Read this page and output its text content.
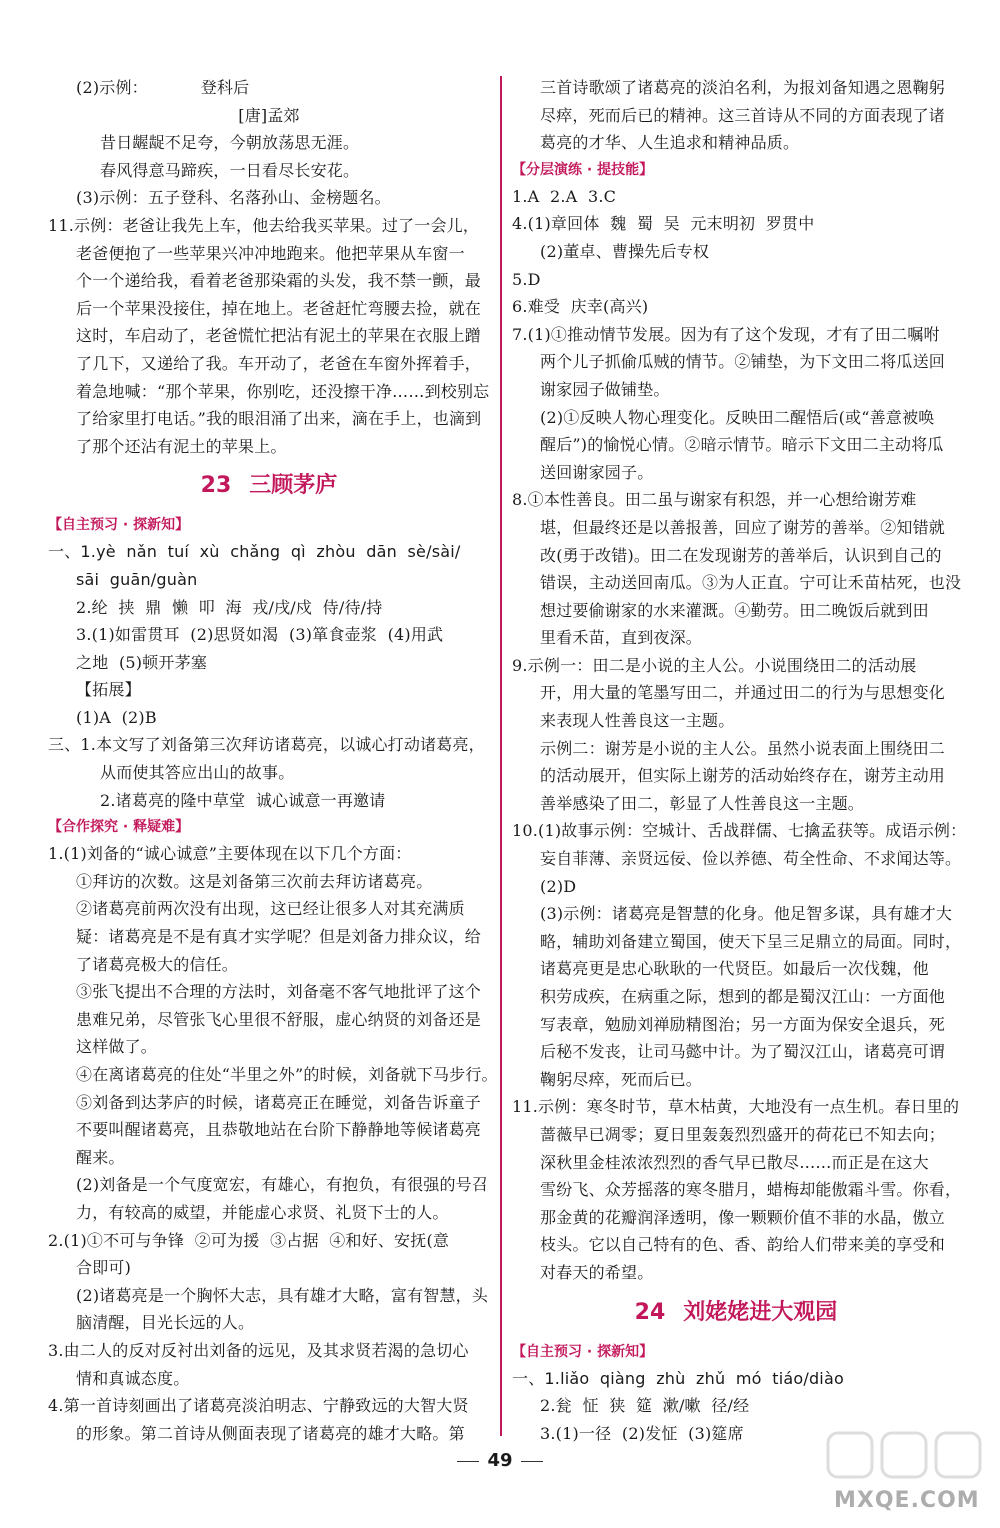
(2)示例：          登科后
[唐]孟郊
昔日龌龊不足夸，今朝放荡思无涯。
春风得意马蹄疾，一日看尽长安花。
(3)示例：五子登科、名落孙山、金榜题名。
11.示例：老爸让我先上车，他去给我买苹果。过了一会儿，
老爸便抱了一些苹果兴冲冲地跑来。他把苹果从车窗一
个一个递给我，看着老爸那染霜的头发，我不禁一颤，最
后一个苹果没接住，掉在地上。老爸赶忙弯腰去捡，就在
这时，车启动了，老爸慌忙把沾有泥土的苹果在衣服上蹭
了几下，又递给了我。车开动了，老爸在车窗外挥着手，
着急地喊：“那个苹果，你别吃，还没擦干净……到校别忘
了给家里打电话。”我的眼泪涌了出来，滴在手上，也滴到
了那个还沾有泥土的苹果上。
23 三顾茅庐
【自主预习 · 探新知】
一、1.yè  nǎn  tuí  xù  chǎng  qì  zhòu  dān  sè/sài/
sāi  guān/guàn
2.纶  挟  鼎  懒  叩  海  戎/戌/戍  侍/待/持
3.(1)如雷贯耳  (2)思贤如渴  (3)箪食壶浆  (4)用武
之地  (5)顿开茅塞
【拓展】
(1)A  (2)B
三、1.本文写了刘备第三次拜访诸葛亮，以诚心打动诸葛亮，
从而使其答应出山的故事。
2.诸葛亮的隆中草堂  诚心诚意一再邀请
【合作探究 · 释疑难】
1.(1)刘备的“诚心诚意”主要体现在以下几个方面：
①拜访的次数。这是刘备第三次前去拜访诸葛亮。
②诸葛亮前两次没有出现，这已经让很多人对其充满质
疑：诸葛亮是不是有真才实学呢？但是刘备力排众议，给
了诸葛亮极大的信任。
③张飞提出不合理的方法时，刘备毫不客气地批评了这个
患难兄弟，尽管张飞心里很不舒服，虚心纳贤的刘备还是
这样做了。
④在离诸葛亮的住处“半里之外”的时候，刘备就下马步行。
⑤刘备到达茅庐的时候，诸葛亮正在睡觉，刘备告诉童子
不要叫醒诸葛亮，且恭敬地站在台阶下静静地等候诸葛亮
醒来。
(2)刘备是一个气度宽宏，有雄心，有抱负，有很强的号召
力，有较高的威望，并能虚心求贤、礼贤下士的人。
2.(1)①不可与争锋  ②可为援  ③占据  ④和好、安抚(意
合即可)
(2)诸葛亮是一个胸怀大志，具有雄才大略，富有智慧，头
脑清醒，目光长远的人。
3.由二人的反对反衬出刘备的远见，及其求贤若渴的急切心
情和真诚态度。
4.第一首诗刻画出了诸葛亮淡泊明志、宁静致远的大智大贤
的形象。第二首诗从侧面表现了诸葛亮的雄才大略。第
三首诗歌颂了诸葛亮的淡泊名利，为报刘备知遇之恩鞠躬
尽瘁，死而后已的精神。这三首诗从不同的方面表现了诸
葛亮的才华、人生追求和精神品质。
【分层演练 · 提技能】
1.A  2.A  3.C
4.(1)章回体  魏  蜀  吴  元末明初  罗贯中
(2)董卓、曹操先后专权
5.D
6.难受  庆幸(高兴)
7.(1)①推动情节发展。因为有了这个发现，才有了田二嘱咐
两个儿子抓偷瓜贼的情节。②铺垫，为下文田二将瓜送回
谢家园子做铺垫。
(2)①反映人物心理变化。反映田二醒悟后(或“善意被唤
醒后”)的愉悦心情。②暗示情节。暗示下文田二主动将瓜
送回谢家园子。
8.①本性善良。田二虽与谢家有积怨，并一心想给谢芳难
堪，但最终还是以善报善，回应了谢芳的善举。②知错就
改(勇于改错)。田二在发现谢芳的善举后，认识到自己的
错误，主动送回南瓜。③为人正直。宁可让禾苗枯死，也没
想过要偷谢家的水来灌溉。④勤劳。田二晚饭后就到田
里看禾苗，直到夜深。
9.示例一：田二是小说的主人公。小说围绕田二的活动展
开，用大量的笔墨写田二，并通过田二的行为与思想变化
来表现人性善良这一主题。
示例二：谢芳是小说的主人公。虽然小说表面上围绕田二
的活动展开，但实际上谢芳的活动始终存在，谢芳主动用
善举感染了田二，彰显了人性善良这一主题。
10.(1)故事示例：空城计、舌战群儒、七擒孟获等。成语示例：
妄自菲薄、亲贤远佞、俭以养德、苟全性命、不求闻达等。
(2)D
(3)示例：诸葛亮是智慧的化身。他足智多谋，具有雄才大
略，辅助刘备建立蜀国，使天下呈三足鼎立的局面。同时，
诸葛亮更是忠心耿耿的一代贤臣。如最后一次伐魏，他
积劳成疾，在病重之际，想到的都是蜀汉江山：一方面他
写表章，勉励刘禅励精图治；另一方面为保安全退兵，死
后秘不发丧，让司马懿中计。为了蜀汉江山，诸葛亮可谓
鞠躬尽瘁，死而后已。
11.示例：寒冬时节，草木枯黄，大地没有一点生机。春日里的
蔷薇早已凋零；夏日里轰轰烈烈盛开的荷花已不知去向；
深秋里金桂浓浓烈烈的香气早已散尽……而正是在这大
雪纷飞、众芳摇落的寒冬腊月，蜡梅却能傲霜斗雪。你看，
那金黄的花瓣润泽透明，像一颗颗价值不菲的水晶，傲立
枝头。它以自己特有的色、香、韵给人们带来美的享受和
对春天的希望。
24 刘姥姥进大观园
【自主预习 · 探新知】
一、1.liǎo  qiàng  zhù  zhǔ  mó  tiáo/diào
2.瓮  怔  狭  筵  漱/嗽  径/经
3.(1)一径  (2)发怔  (3)筵席
49
MXQE.COM
